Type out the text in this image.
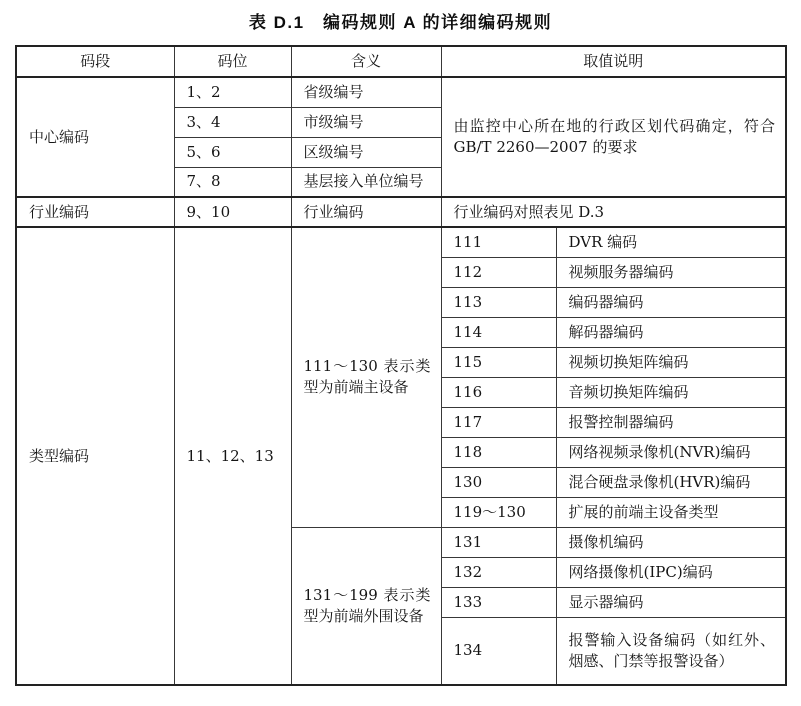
表 D.1　编码规则 A 的详细编码规则
码段	码位	含义	取值说明	
中心编码	1、2	省级编号	由监控中心所在地的行政区划代码确定，符合 GB/T 2260—2007 的要求	
	3、4	市级编号		
	5、6	区级编号		
	7、8	基层接入单位编号		
行业编码	9、10	行业编码	行业编码对照表见 D.3	
类型编码	11、12、13	111～130 表示类型为前端主设备	111	DVR 编码
			112	视频服务器编码
			113	编码器编码
			114	解码器编码
			115	视频切换矩阵编码
			116	音频切换矩阵编码
			117	报警控制器编码
			118	网络视频录像机(NVR)编码
			130	混合硬盘录像机(HVR)编码
			119～130	扩展的前端主设备类型
		131～199 表示类型为前端外围设备	131	摄像机编码
			132	网络摄像机(IPC)编码
			133	显示器编码
			134	报警输入设备编码（如红外、烟感、门禁等报警设备）
